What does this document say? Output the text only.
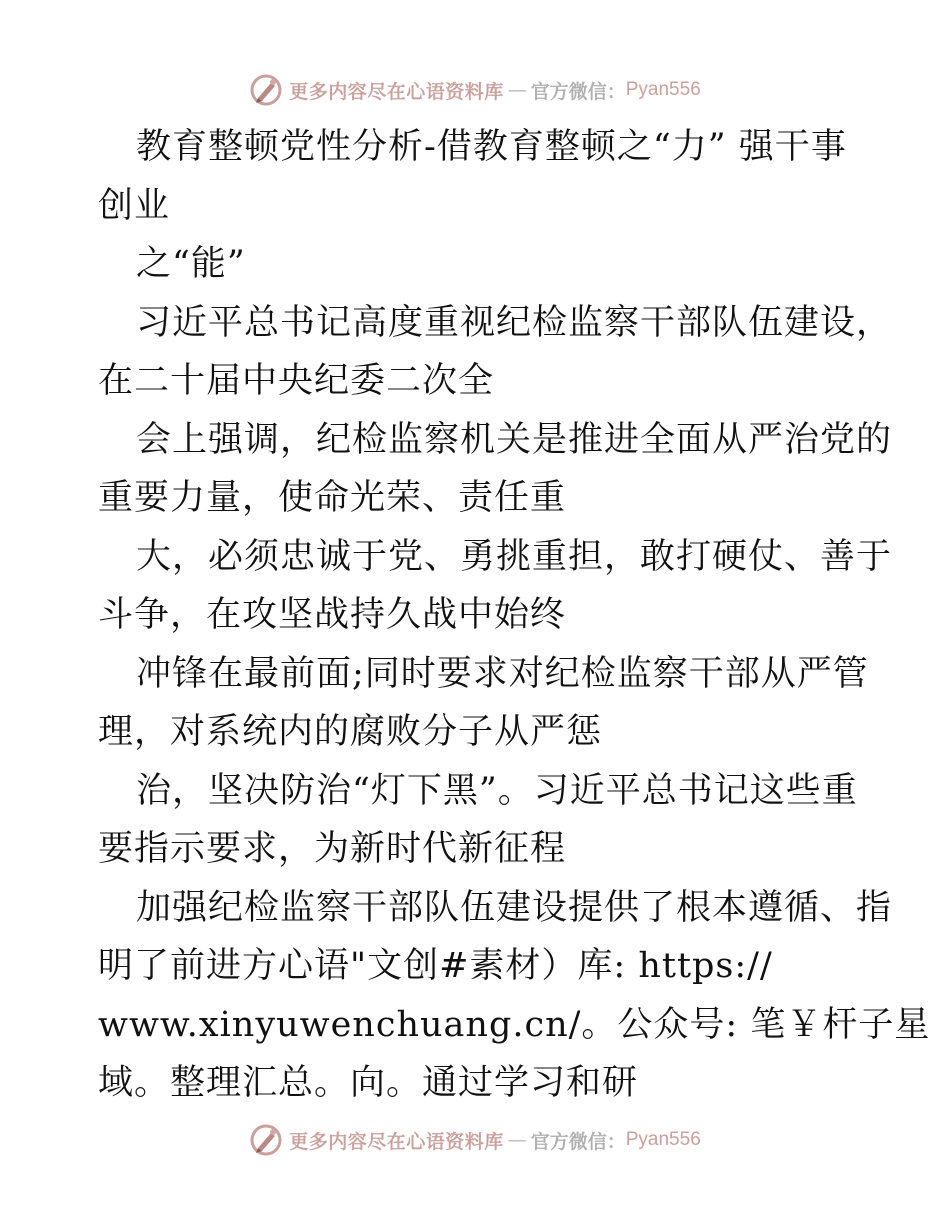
更多内容尽在心语资料库 — 官方微信： Pyan556
教育整顿党性分析-借教育整顿之“力” 强干事
创业
之“能”
习近平总书记高度重视纪检监察干部队伍建设，
在二十届中央纪委二次全
会上强调，纪检监察机关是推进全面从严治党的
重要力量，使命光荣、责任重
大，必须忠诚于党、勇挑重担，敢打硬仗、善于
斗争，在攻坚战持久战中始终
冲锋在最前面;同时要求对纪检监察干部从严管
理，对系统内的腐败分子从严惩
治，坚决防治“灯下黑”。习近平总书记这些重
要指示要求，为新时代新征程
加强纪检监察干部队伍建设提供了根本遵循、指
明了前进方心语"文创#素材）库: https://
www.xinyuwenchuang.cn/。公众号: 笔￥杆子星
域。整理汇总。向。通过学习和研
更多内容尽在心语资料库 — 官方微信： Pyan556
